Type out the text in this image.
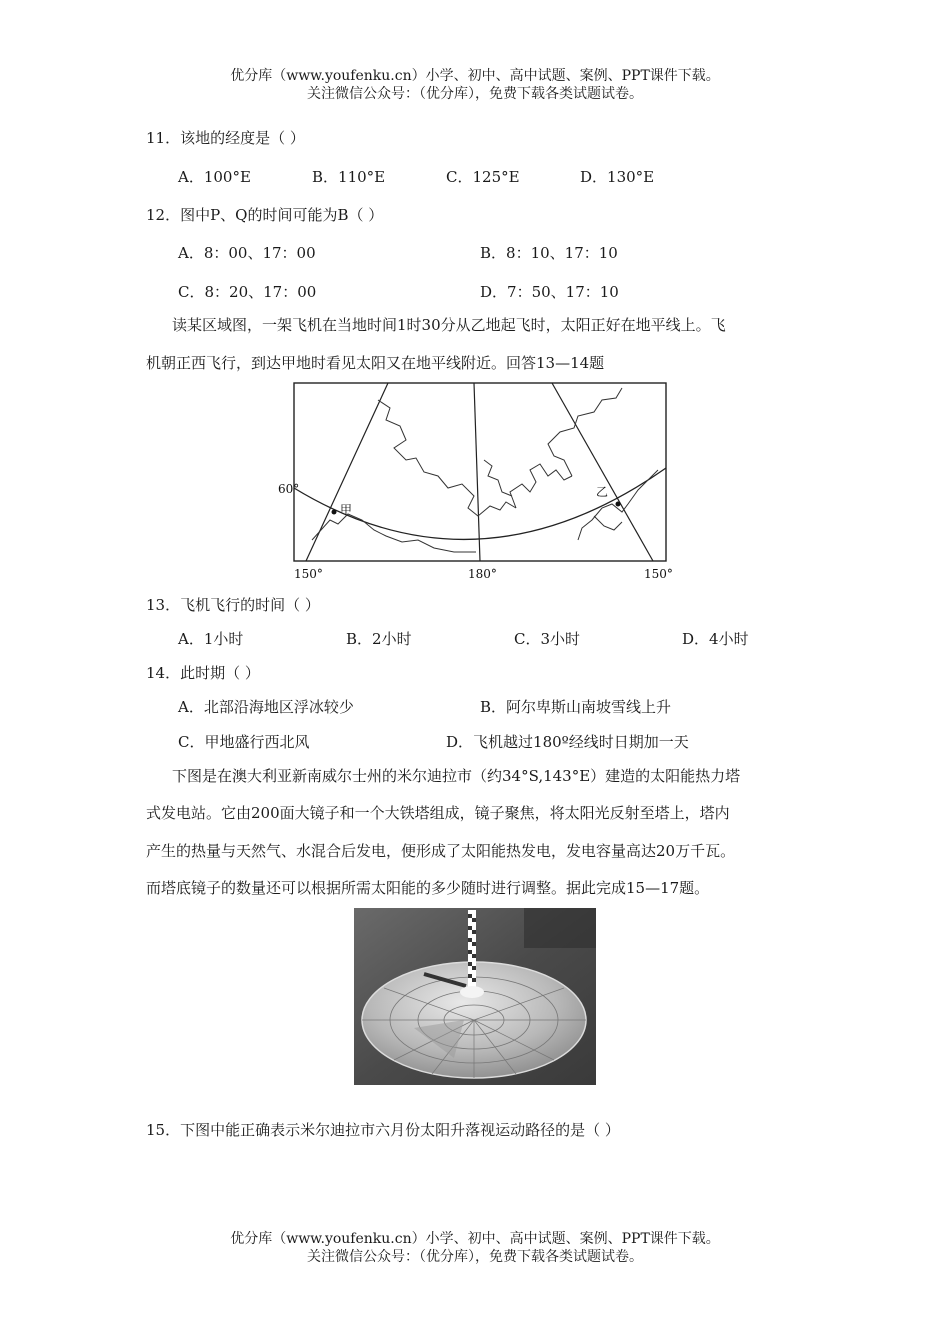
优分库（www.youfenku.cn）小学、初中、高中试题、案例、PPT课件下载。
关注微信公众号：（优分库），免费下载各类试题试卷。
11．该地的经度是（ ）
A．100°E	B．110°E	C．125°E	D．130°E
12．图中P、Q的时间可能为B（ ）
A．8：00、17：00	B．8：10、17：10
C．8：20、17：00	D．7：50、17：10
读某区域图，一架飞机在当地时间1时30分从乙地起飞时，太阳正好在地平线上。飞
机朝正西飞行，到达甲地时看见太阳又在地平线附近。回答13—14题
60°
甲
乙
150°	180°	150°
13．飞机飞行的时间（ ）
A．1小时	B．2小时	C．3小时	D．4小时
14．此时期（ ）
A．北部沿海地区浮冰较少	B．阿尔卑斯山南坡雪线上升
C．甲地盛行西北风	D．飞机越过180º经线时日期加一天
下图是在澳大利亚新南威尔士州的米尔迪拉市（约34°S,143°E）建造的太阳能热力塔
式发电站。它由200面大镜子和一个大铁塔组成，镜子聚焦，将太阳光反射至塔上，塔内
产生的热量与天然气、水混合后发电，便形成了太阳能热发电，发电容量高达20万千瓦。
而塔底镜子的数量还可以根据所需太阳能的多少随时进行调整。据此完成15—17题。
15．下图中能正确表示米尔迪拉市六月份太阳升落视运动路径的是（ ）
优分库（www.youfenku.cn）小学、初中、高中试题、案例、PPT课件下载。
关注微信公众号：（优分库），免费下载各类试题试卷。
